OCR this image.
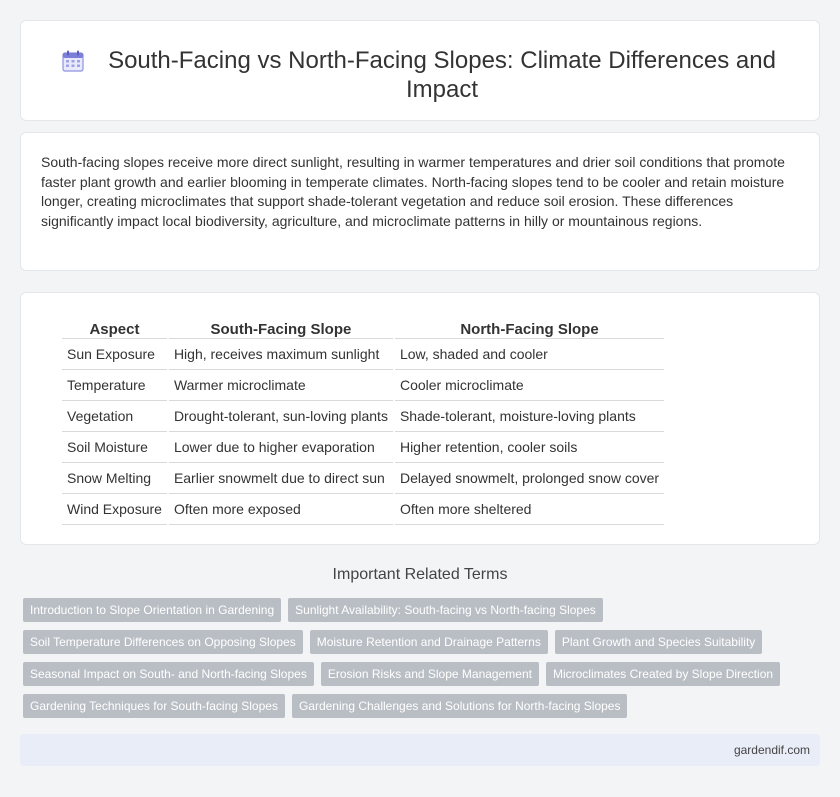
South-Facing vs North-Facing Slopes: Climate Differences and Impact

South-facing slopes receive more direct sunlight, resulting in warmer temperatures and drier soil conditions that promote faster plant growth and earlier blooming in temperate climates. North-facing slopes tend to be cooler and retain moisture longer, creating microclimates that support shade-tolerant vegetation and reduce soil erosion. These differences significantly impact local biodiversity, agriculture, and microclimate patterns in hilly or mountainous regions.

Aspect	South-Facing Slope	North-Facing Slope
Sun Exposure	High, receives maximum sunlight	Low, shaded and cooler
Temperature	Warmer microclimate	Cooler microclimate
Vegetation	Drought-tolerant, sun-loving plants	Shade-tolerant, moisture-loving plants
Soil Moisture	Lower due to higher evaporation	Higher retention, cooler soils
Snow Melting	Earlier snowmelt due to direct sun	Delayed snowmelt, prolonged snow cover
Wind Exposure	Often more exposed	Often more sheltered
Important Related Terms
Introduction to Slope Orientation in Gardening	Sunlight Availability: South-facing vs North-facing Slopes
Soil Temperature Differences on Opposing Slopes	Moisture Retention and Drainage Patterns	Plant Growth and Species Suitability
Seasonal Impact on South- and North-facing Slopes	Erosion Risks and Slope Management	Microclimates Created by Slope Direction
Gardening Techniques for South-facing Slopes	Gardening Challenges and Solutions for North-facing Slopes
gardendif.com
